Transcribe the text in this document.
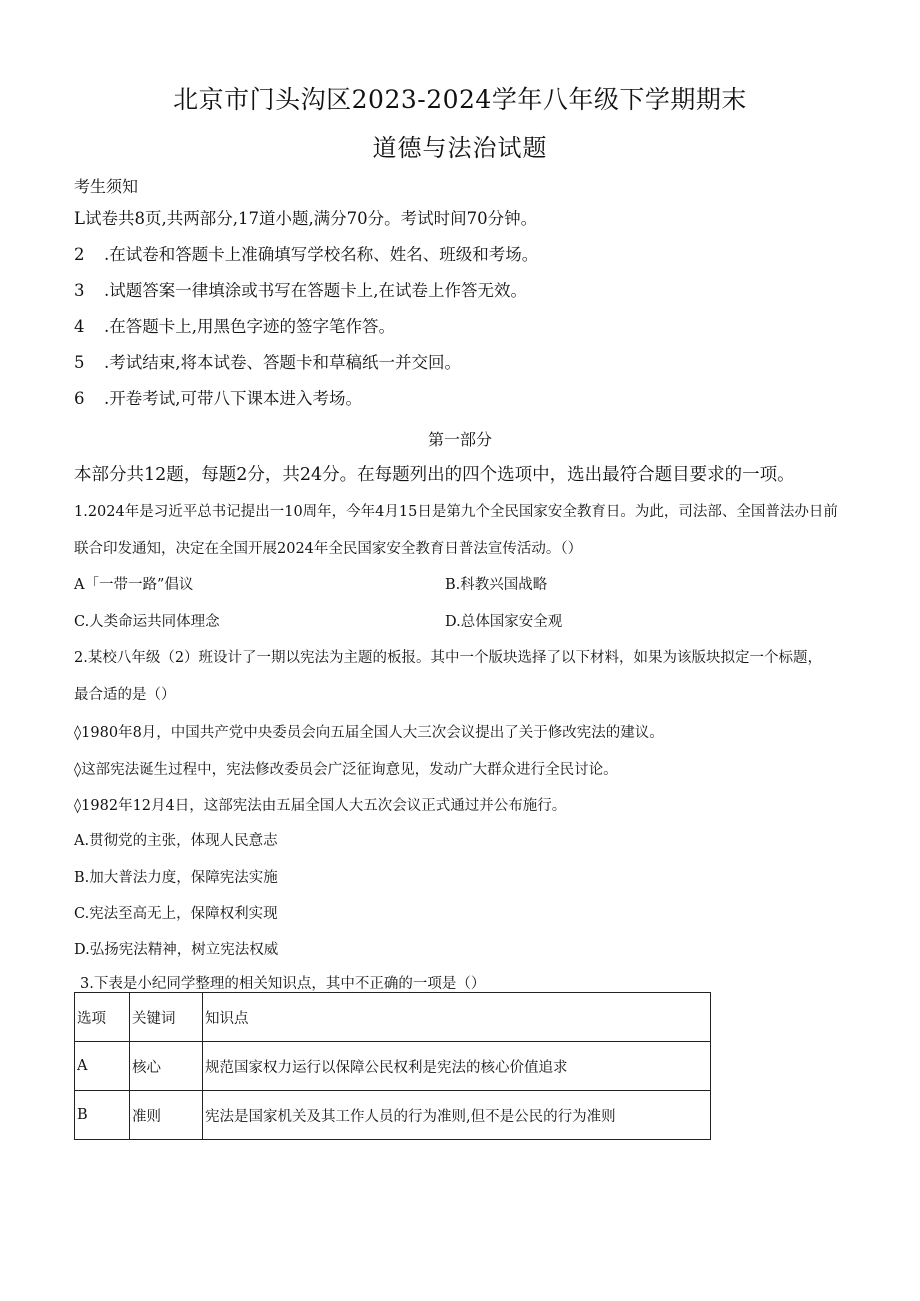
北京市门头沟区2023-2024学年八年级下学期期末
道德与法治试题
考生须知
L试卷共8页,共两部分,17道小题,满分70分。考试时间70分钟。
2 .在试卷和答题卡上准确填写学校名称、姓名、班级和考场。
3 .试题答案一律填涂或书写在答题卡上,在试卷上作答无效。
4 .在答题卡上,用黑色字迹的签字笔作答。
5 .考试结束,将本试卷、答题卡和草稿纸一并交回。
6 .开卷考试,可带八下课本进入考场。
第一部分
本部分共12题，每题2分，共24分。在每题列出的四个选项中，选出最符合题目要求的一项。
1.2024年是习近平总书记提出一10周年，今年4月15日是第九个全民国家安全教育日。为此，司法部、全国普法办日前
联合印发通知，决定在全国开展2024年全民国家安全教育日普法宣传活动。（）
A「一带一路”倡议	B.科教兴国战略
C.人类命运共同体理念	D.总体国家安全观
2.某校八年级（2）班设计了一期以宪法为主题的板报。其中一个版块选择了以下材料，如果为该版块拟定一个标题，
最合适的是（）
◊1980年8月，中国共产党中央委员会向五届全国人大三次会议提出了关于修改宪法的建议。
◊这部宪法诞生过程中，宪法修改委员会广泛征询意见，发动广大群众进行全民讨论。
◊1982年12月4日，这部宪法由五届全国人大五次会议正式通过并公布施行。
A.贯彻党的主张，体现人民意志
B.加大普法力度，保障宪法实施
C.宪法至高无上，保障权利实现
D.弘扬宪法精神，树立宪法权威
3.下表是小纪同学整理的相关知识点，其中不正确的一项是（）
选项	关键词	知识点
A	核心	规范国家权力运行以保障公民权利是宪法的核心价值追求
B	准则	宪法是国家机关及其工作人员的行为准则,但不是公民的行为准则
